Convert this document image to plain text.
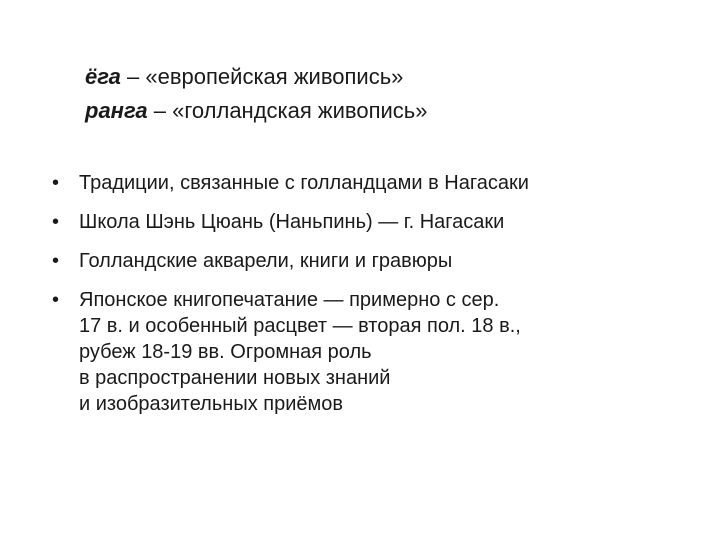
ёга – «европейская живопись»
ранга – «голландская живопись»
• Традиции, связанные с голландцами в Нагасаки
• Школа Шэнь Цюань (Наньпинь) — г. Нагасаки
• Голландские акварели, книги и гравюры
• Японское книгопечатание — примерно с сер.
17 в. и особенный расцвет — вторая пол. 18 в.,
рубеж 18-19 вв. Огромная роль
в распространении новых знаний
и изобразительных приёмов
